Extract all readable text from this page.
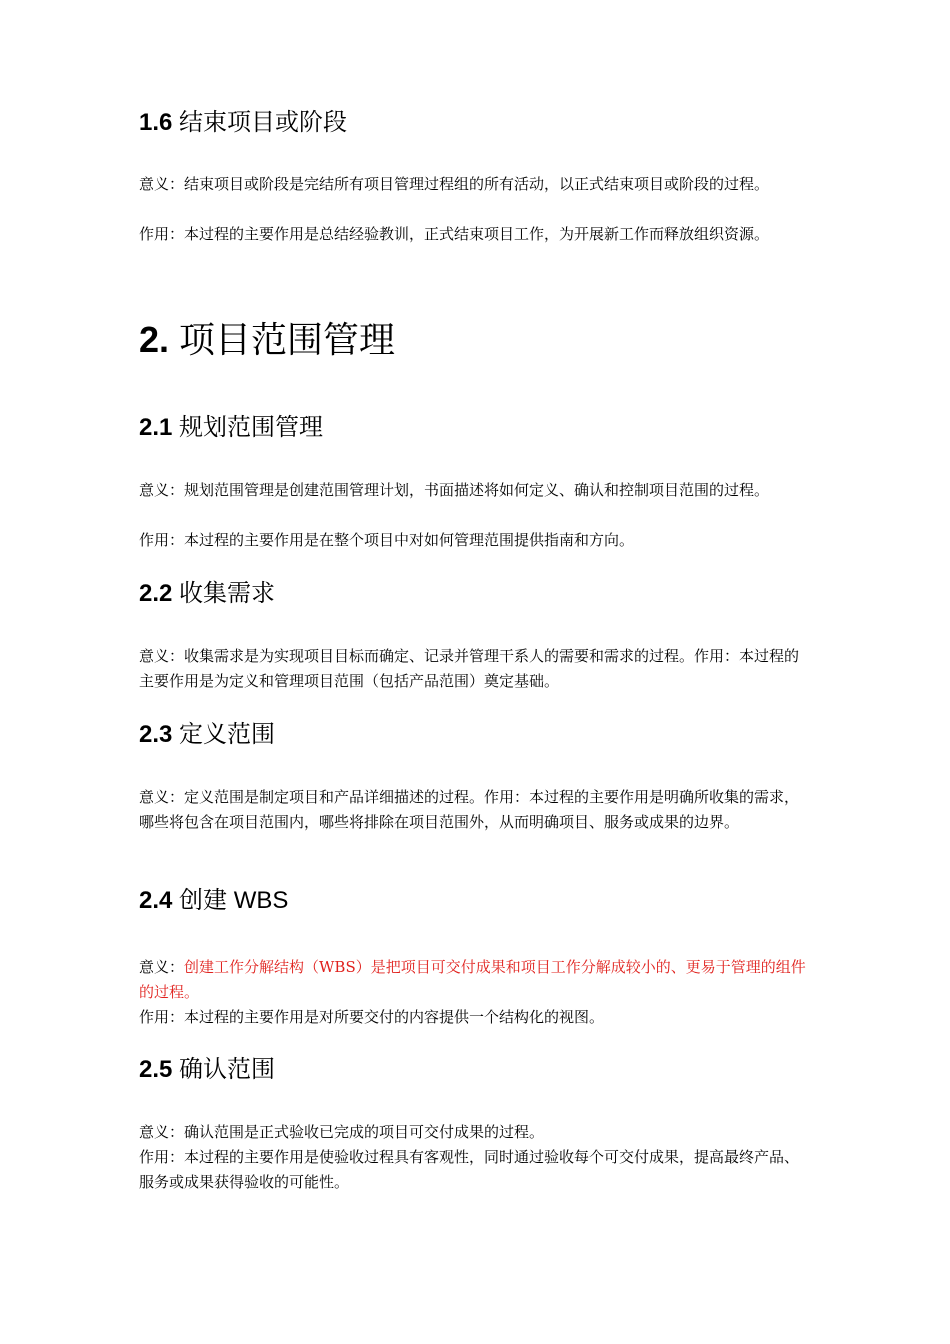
1.6 结束项目或阶段

意义：结束项目或阶段是完结所有项目管理过程组的所有活动，以正式结束项目或阶段的过程。

作用：本过程的主要作用是总结经验教训，正式结束项目工作，为开展新工作而释放组织资源。

2. 项目范围管理
2.1 规划范围管理

意义：规划范围管理是创建范围管理计划，书面描述将如何定义、确认和控制项目范围的过程。

作用：本过程的主要作用是在整个项目中对如何管理范围提供指南和方向。

2.2 收集需求

意义：收集需求是为实现项目目标而确定、记录并管理干系人的需要和需求的过程。作用：本过程的主要作用是为定义和管理项目范围（包括产品范围）奠定基础。

2.3 定义范围

意义：定义范围是制定项目和产品详细描述的过程。作用：本过程的主要作用是明确所收集的需求，哪些将包含在项目范围内，哪些将排除在项目范围外，从而明确项目、服务或成果的边界。

2.4 创建 WBS

意义：创建工作分解结构（WBS）是把项目可交付成果和项目工作分解成较小的、更易于管理的组件的过程。

作用：本过程的主要作用是对所要交付的内容提供一个结构化的视图。

2.5 确认范围

意义：确认范围是正式验收已完成的项目可交付成果的过程。

作用：本过程的主要作用是使验收过程具有客观性，同时通过验收每个可交付成果，提高最终产品、服务或成果获得验收的可能性。
